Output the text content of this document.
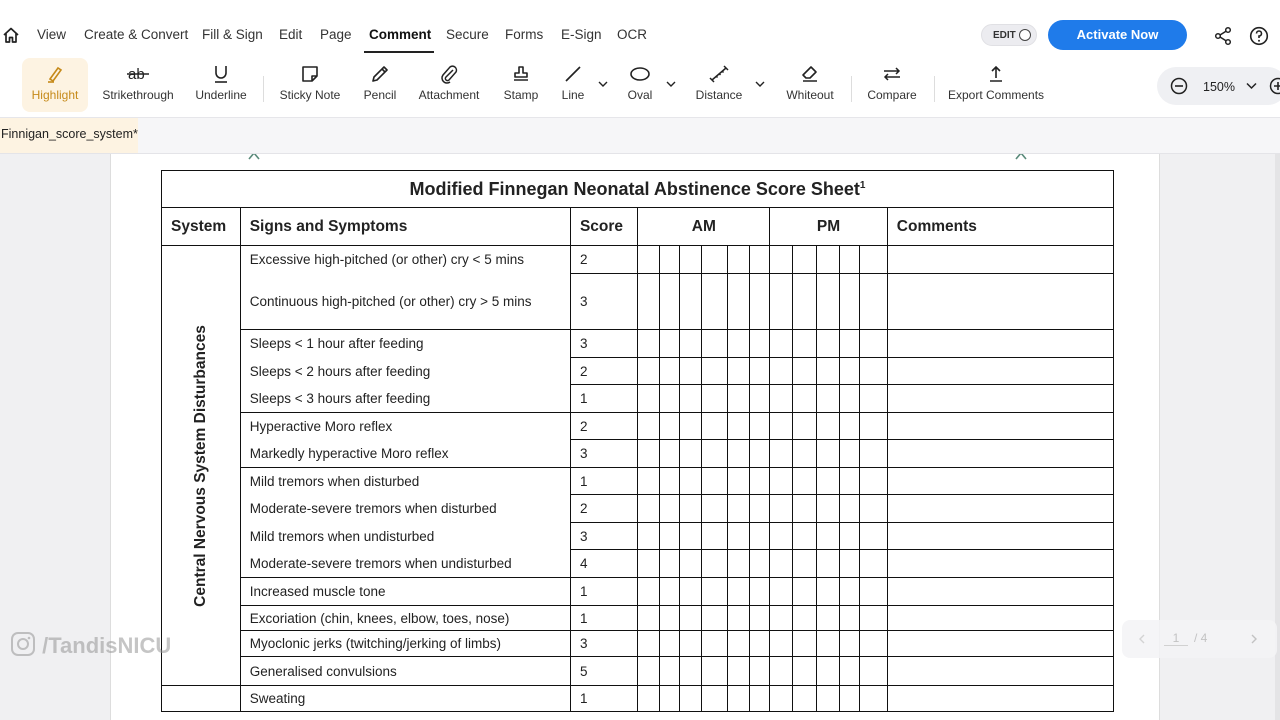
View Create & Convert Fill & Sign Edit Page Comment Secure Forms E-Sign OCR	EDIT	Activate Now
Highlight
ab
Strikethrough Underline	Sticky Note	Pencil	Attachment	Stamp	Line	Oval	Distance	Whiteout	Compare	Export Comments
150%
Finnigan_score_system*
Modified Finnegan Neonatal Abstinence Score Sheet$^1$
System	Signs and Symptoms	Score	AM						PM					Comments

Central Nervous System Disturbances	Excessive high-pitched (or other) cry < 5 mins	2												
	Continuous high-pitched (or other) cry > 5 mins	3												
	Sleeps < 1 hour after feeding	3												
	Sleeps < 2 hours after feeding	2												
	Sleeps < 3 hours after feeding	1												
	Hyperactive Moro reflex	2												
	Markedly hyperactive Moro reflex	3												
	Mild tremors when disturbed	1												
	Moderate-severe tremors when disturbed	2												
	Mild tremors when undisturbed	3												
	Moderate-severe tremors when undisturbed	4												
	Increased muscle tone	1												
	Excoriation (chin, knees, elbow, toes, nose)	1												
	Myoclonic jerks (twitching/jerking of limbs)	3												
	Generalised convulsions	5												
	Sweating	1												
1	/ 4
/TandisNICU
